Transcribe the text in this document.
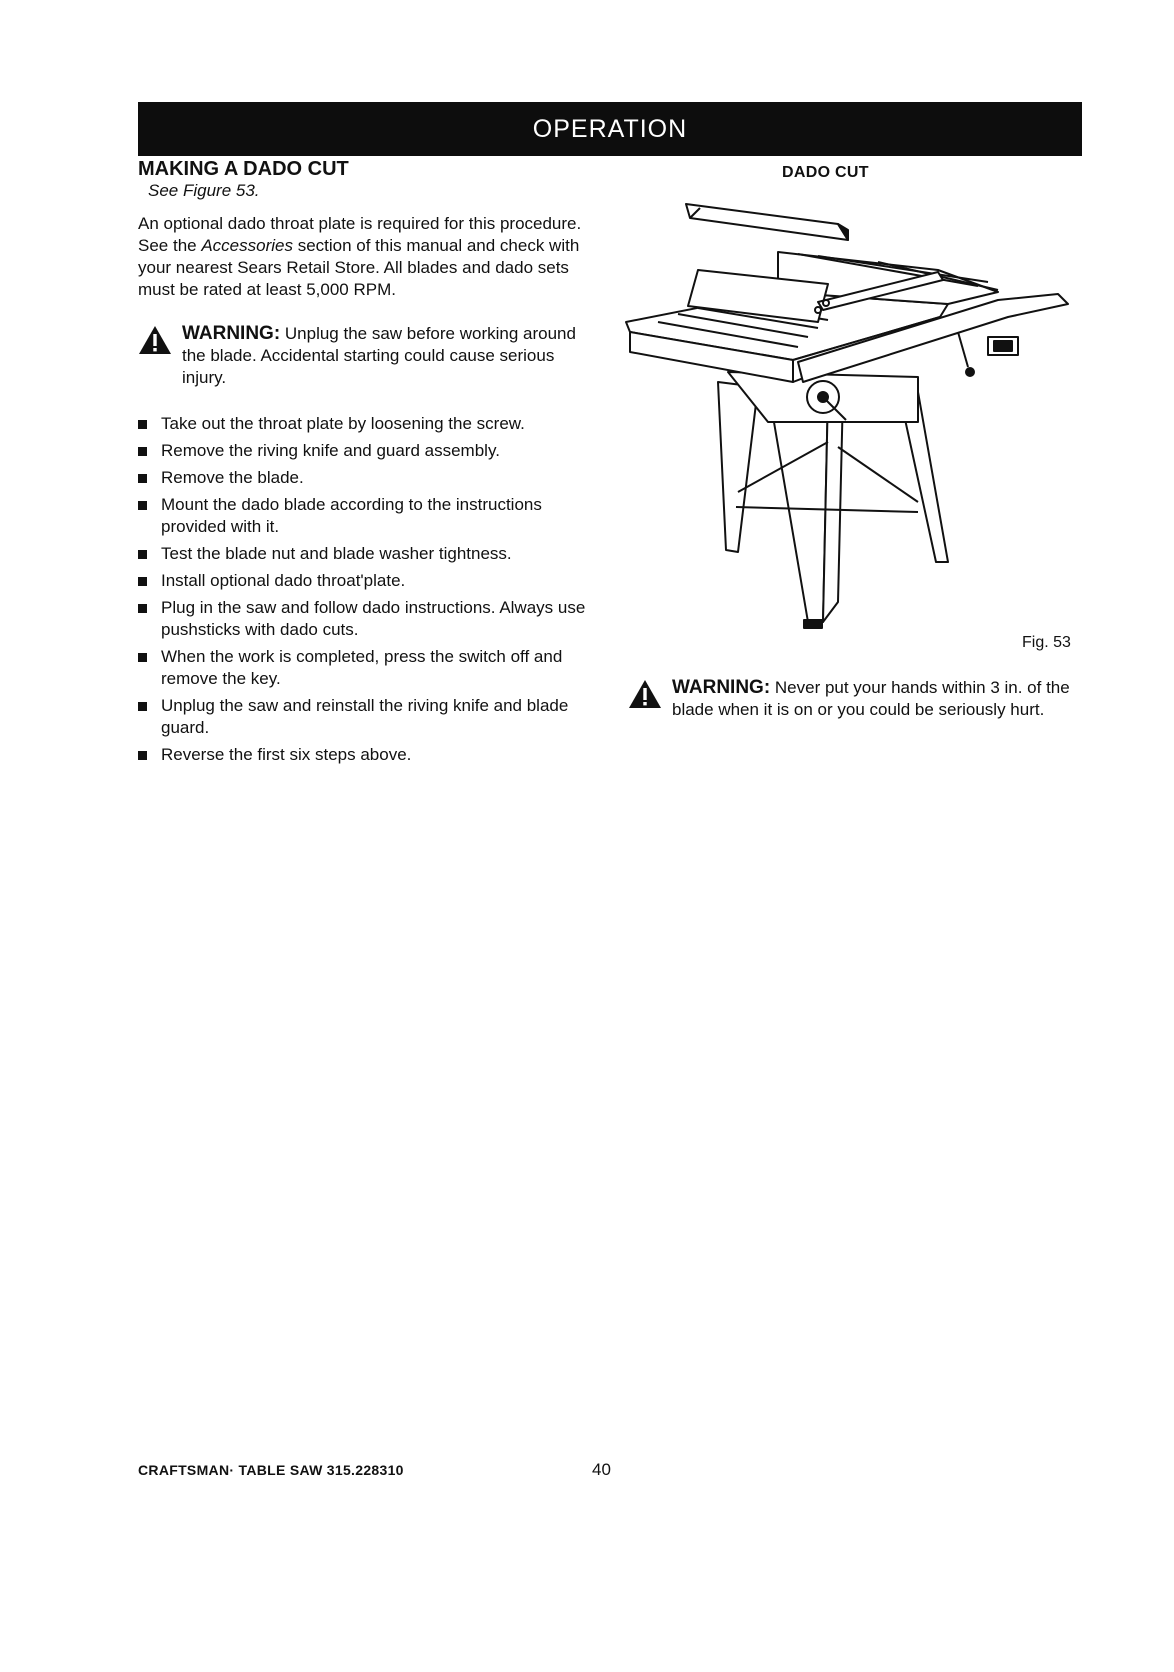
OPERATION
MAKING A DADO CUT
See Figure 53.
An optional dado throat plate is required for this procedure. See the Accessories section of this manual and check with your nearest Sears Retail Store. All blades and dado sets must be rated at least 5,000 RPM.
WARNING: Unplug the saw before working around the blade. Accidental starting could cause serious injury.
Take out the throat plate by loosening the screw.
Remove the riving knife and guard assembly.
Remove the blade.
Mount the dado blade according to the instructions provided with it.
Test the blade nut and blade washer tightness.
Install optional dado throat'plate.
Plug in the saw and follow dado instructions. Always use pushsticks with dado cuts.
When the work is completed, press the switch off and remove the key.
Unplug the saw and reinstall the riving knife and blade guard.
Reverse the first six steps above.
DADO CUT
Fig. 53
WARNING: Never put your hands within 3 in. of the blade when it is on or you could be seriously hurt.
CRAFTSMAN· TABLE SAW 315.228310	40
